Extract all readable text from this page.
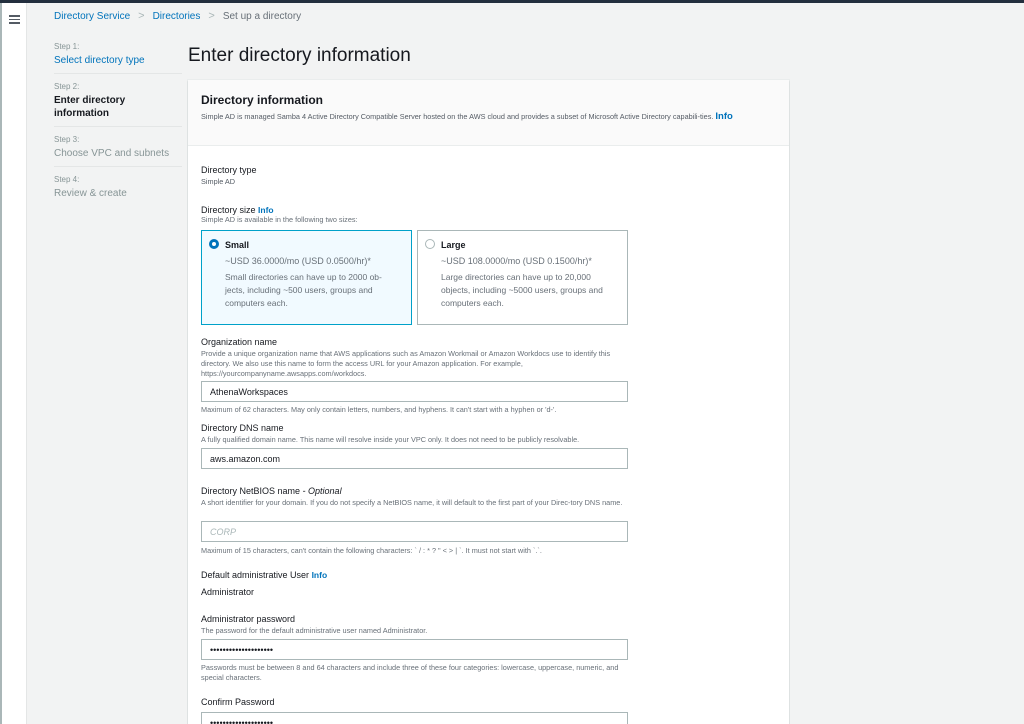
Directory Service > Directories > Set up a directory
Step 1:
Select directory type
Step 2:
Enter directory information
Step 3:
Choose VPC and subnets
Step 4:
Review & create
Enter directory information
Directory information

Simple AD is managed Samba 4 Active Directory Compatible Server hosted on the AWS cloud and provides a subset of Microsoft Active Directory capabili-ties. Info

Directory type
Simple AD
Directory size Info
Simple AD is available in the following two sizes:
Small
~USD 36.0000/mo (USD 0.0500/hr)*
Small directories can have up to 2000 ob-jects, including ~500 users, groups and computers each.
Large
~USD 108.0000/mo (USD 0.1500/hr)*
Large directories can have up to 20,000 objects, including ~5000 users, groups and computers each.
Organization name
Provide a unique organization name that AWS applications such as Amazon Workmail or Amazon Workdocs use to identify this directory. We also use this name to form the access URL for your Amazon application. For example, https://yourcompanyname.awsapps.com/workdocs.
AthenaWorkspaces
Maximum of 62 characters. May only contain letters, numbers, and hyphens. It can't start with a hyphen or 'd-'.
Directory DNS name
A fully qualified domain name. This name will resolve inside your VPC only. It does not need to be publicly resolvable.
aws.amazon.com
Directory NetBIOS name - Optional
A short identifier for your domain. If you do not specify a NetBIOS name, it will default to the first part of your Direc-tory DNS name.
CORP
Maximum of 15 characters, can't contain the following characters: ` / : * ? " < > | `. It must not start with `.`.
Default administrative User Info
Administrator
Administrator password
The password for the default administrative user named Administrator.
••••••••••••••••••••
Passwords must be between 8 and 64 characters and include three of these four categories: lowercase, uppercase, numeric, and special characters.
Confirm Password
••••••••••••••••••••
